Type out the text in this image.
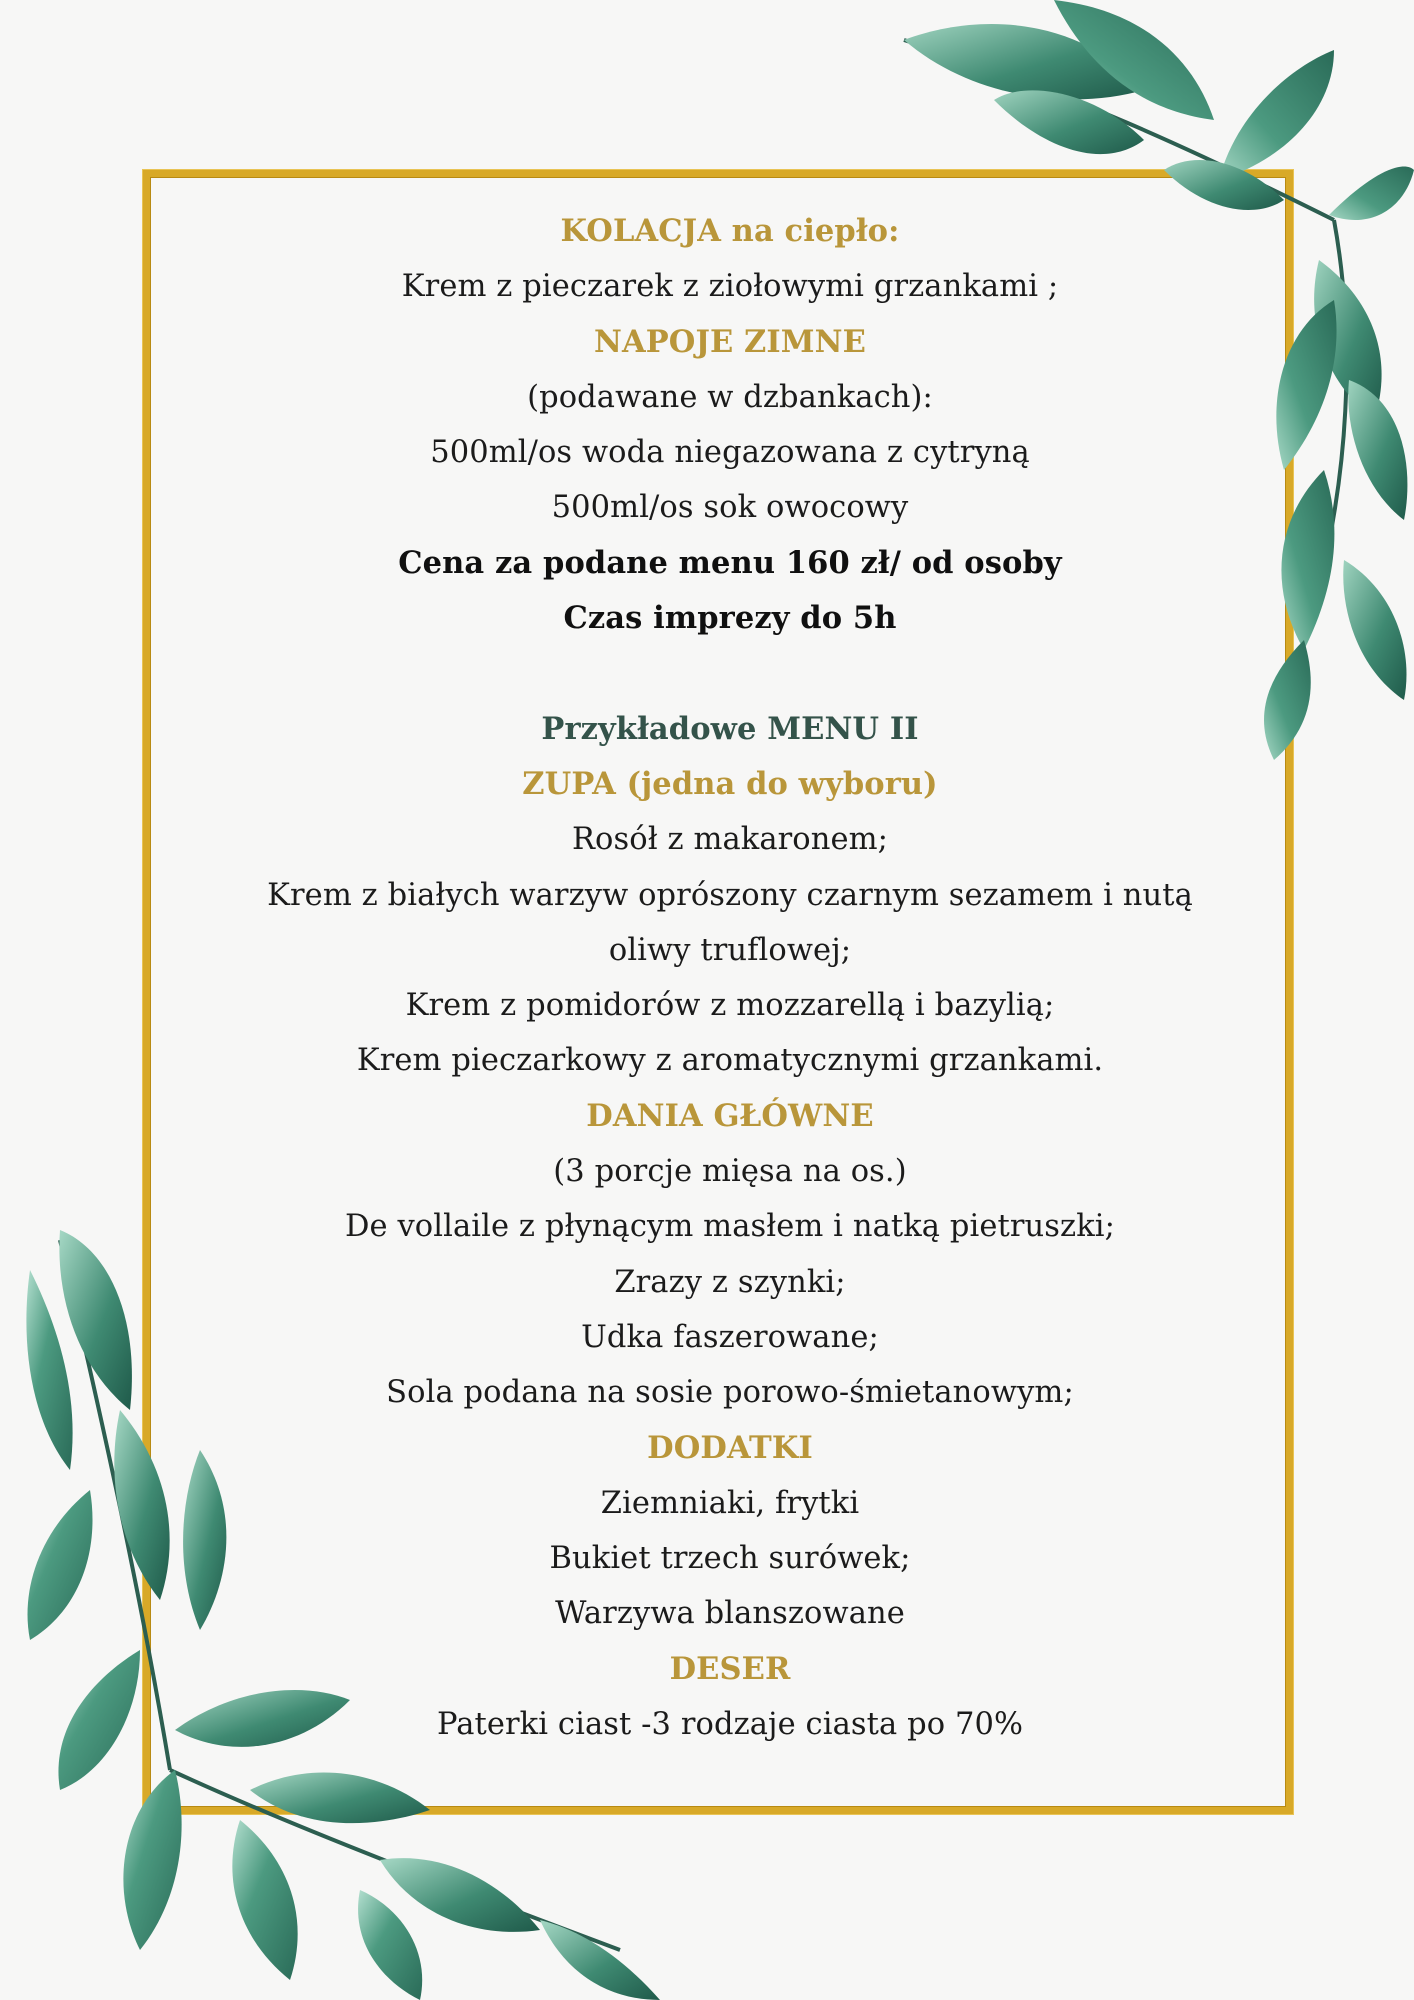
KOLACJA na ciepło:

Krem z pieczarek z ziołowymi grzankami ;

NAPOJE ZIMNE

(podawane w dzbankach):

500ml/os woda niegazowana z cytryną

500ml/os sok owocowy

Cena za podane menu 160 zł/ od osoby

Czas imprezy do 5h

Przykładowe MENU II

ZUPA (jedna do wyboru)

Rosół z makaronem;

Krem z białych warzyw oprószony czarnym sezamem i nutą

oliwy truflowej;

Krem z pomidorów z mozzarellą i bazylią;

Krem pieczarkowy z aromatycznymi grzankami.

DANIA GŁÓWNE

(3 porcje mięsa na os.)

De vollaile z płynącym masłem i natką pietruszki;

Zrazy z szynki;

Udka faszerowane;

Sola podana na sosie porowo-śmietanowym;

DODATKI

Ziemniaki, frytki

Bukiet trzech surówek;

Warzywa blanszowane

DESER

Paterki ciast -3 rodzaje ciasta po 70%
